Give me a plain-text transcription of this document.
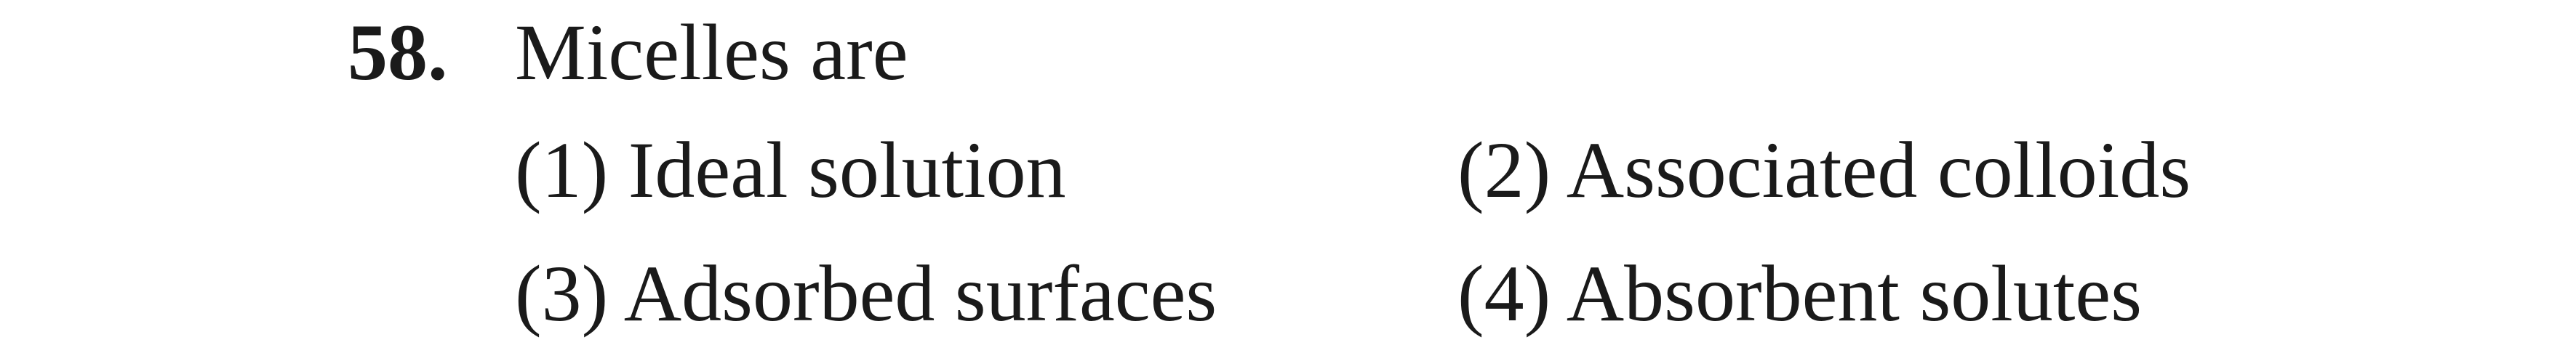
58. Micelles are
(1) Ideal solution	(2) Associated colloids
(3) Adsorbed surfaces	(4) Absorbent solutes
